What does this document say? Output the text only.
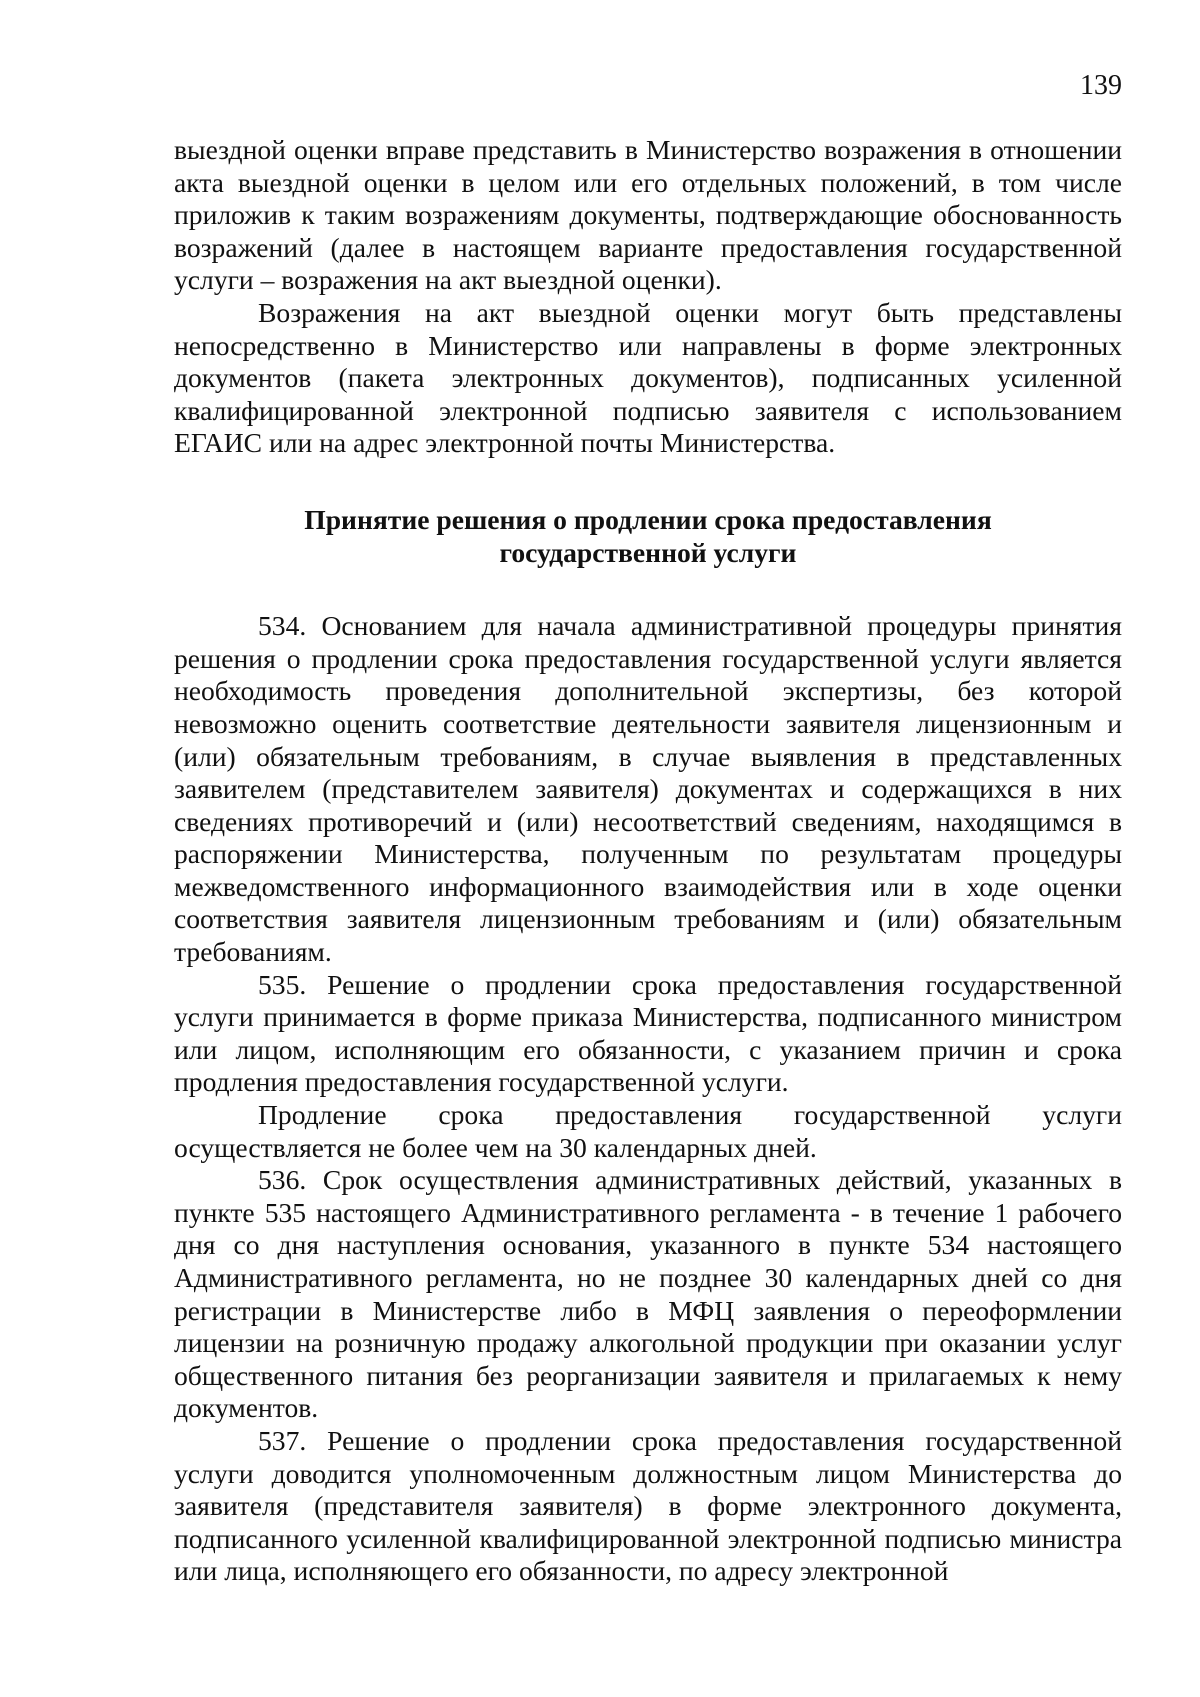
139

выездной оценки вправе представить в Министерство возражения в отношении акта выездной оценки в целом или его отдельных положений, в том числе приложив к таким возражениям документы, подтверждающие обоснованность возражений (далее в настоящем варианте предоставления государственной услуги – возражения на акт выездной оценки).

Возражения на акт выездной оценки могут быть представлены непосредственно в Министерство или направлены в форме электронных документов (пакета электронных документов), подписанных усиленной квалифицированной электронной подписью заявителя с использованием ЕГАИС или на адрес электронной почты Министерства.

Принятие решения о продлении срока предоставления
государственной услуги

534. Основанием для начала административной процедуры принятия решения о продлении срока предоставления государственной услуги является необходимость проведения дополнительной экспертизы, без которой невозможно оценить соответствие деятельности заявителя лицензионным и (или) обязательным требованиям, в случае выявления в представленных заявителем (представителем заявителя) документах и содержащихся в них сведениях противоречий и (или) несоответствий сведениям, находящимся в распоряжении Министерства, полученным по результатам процедуры межведомственного информационного взаимодействия или в ходе оценки соответствия заявителя лицензионным требованиям и (или) обязательным требованиям.

535. Решение о продлении срока предоставления государственной услуги принимается в форме приказа Министерства, подписанного министром или лицом, исполняющим его обязанности, с указанием причин и срока продления предоставления государственной услуги.

Продление срока предоставления государственной услуги осуществляется не более чем на 30 календарных дней.

536. Срок осуществления административных действий, указанных в пункте 535 настоящего Административного регламента - в течение 1 рабочего дня со дня наступления основания, указанного в пункте 534 настоящего Административного регламента, но не позднее 30 календарных дней со дня регистрации в Министерстве либо в МФЦ заявления о переоформлении лицензии на розничную продажу алкогольной продукции при оказании услуг общественного питания без реорганизации заявителя и прилагаемых к нему документов.

537. Решение о продлении срока предоставления государственной услуги доводится уполномоченным должностным лицом Министерства до заявителя (представителя заявителя) в форме электронного документа, подписанного усиленной квалифицированной электронной подписью министра или лица, исполняющего его обязанности, по адресу электронной
